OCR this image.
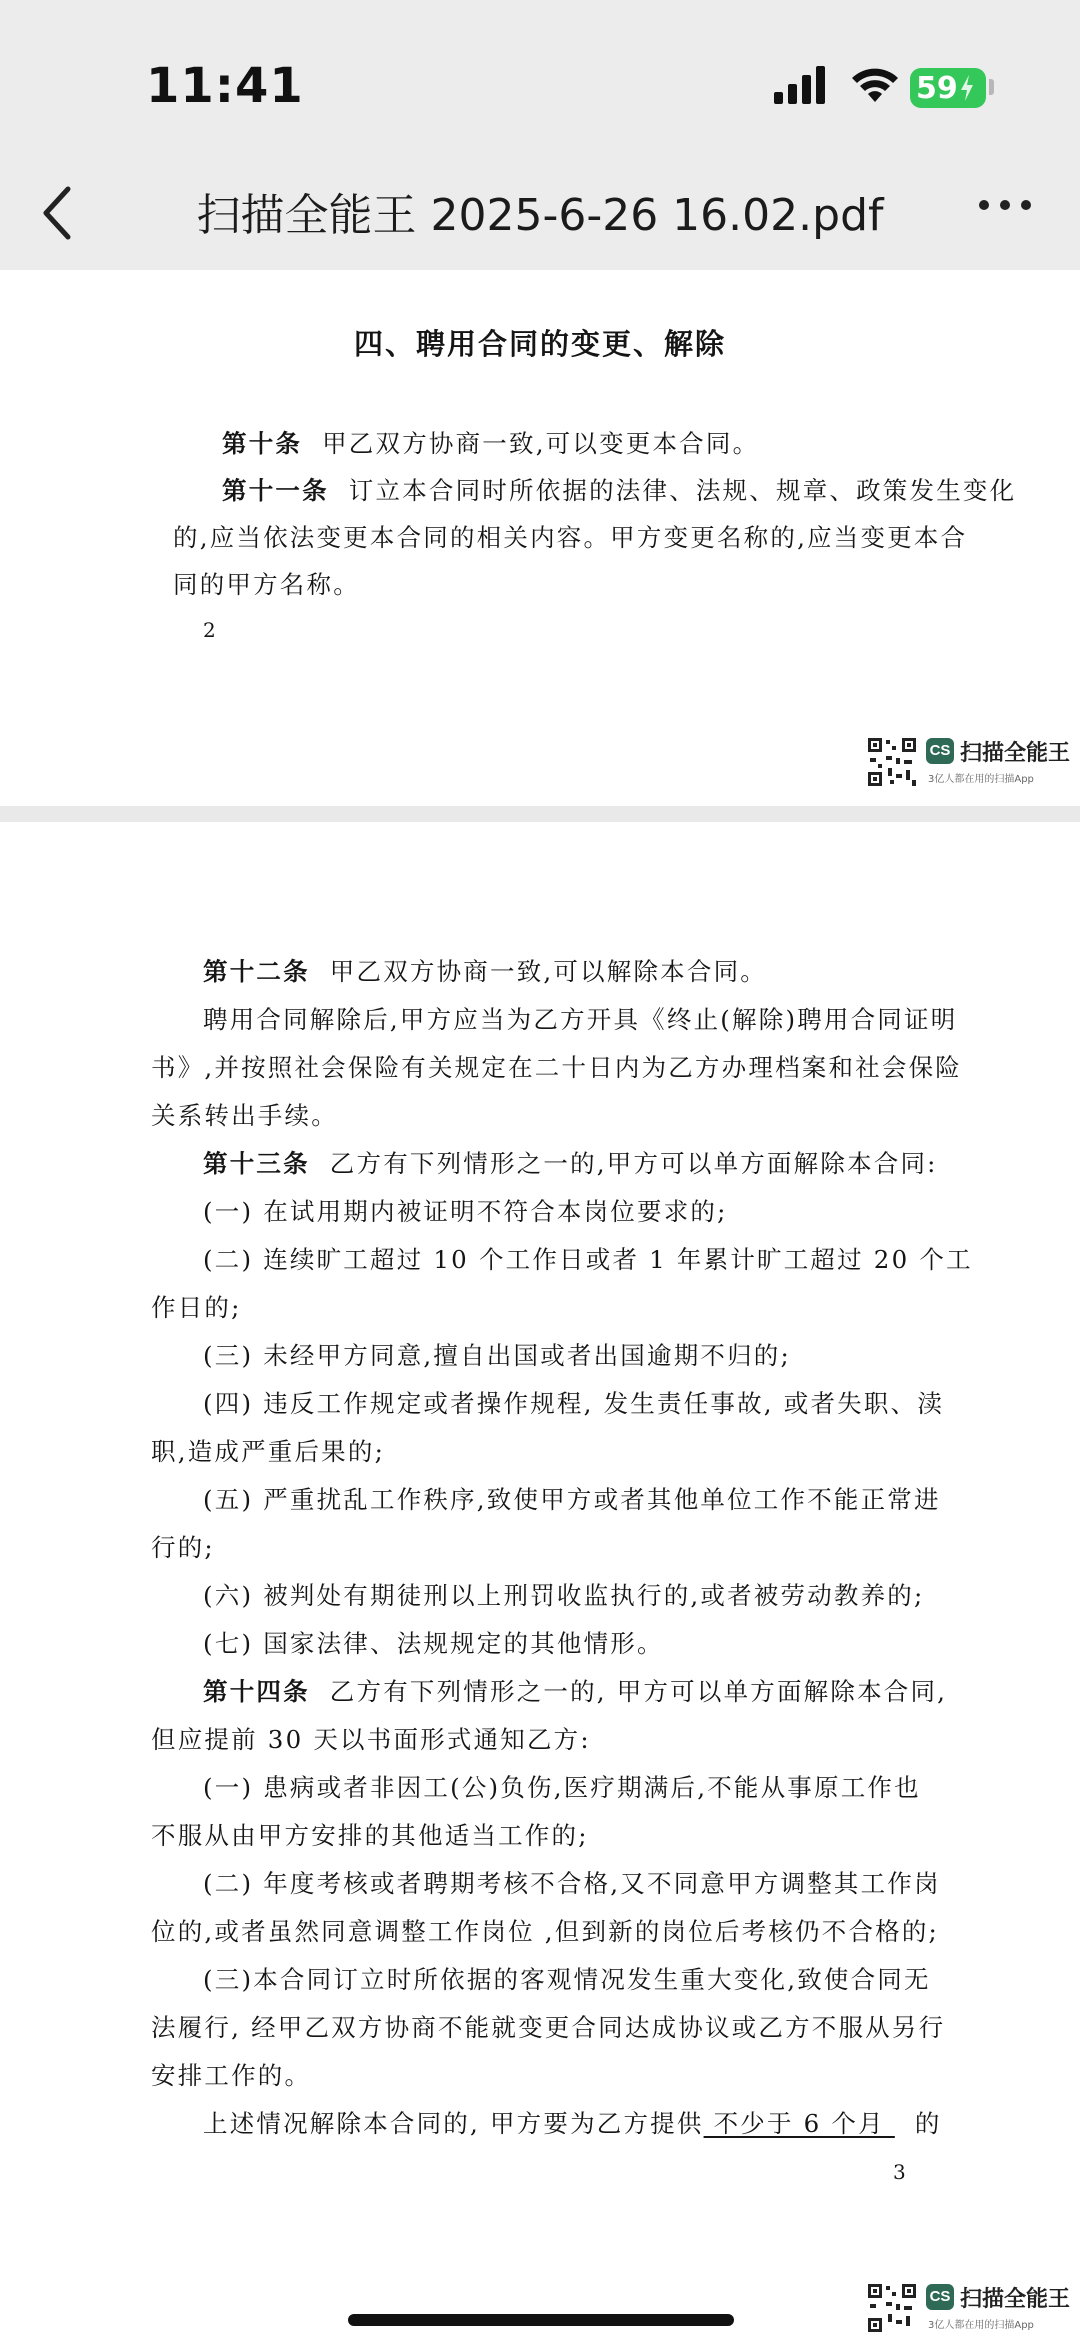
11:41	59
扫描全能王 2025-6-26 16.02.pdf
四、聘用合同的变更、解除
第十条 甲乙双方协商一致,可以变更本合同。
第十一条 订立本合同时所依据的法律、法规、规章、政策发生变化
的,应当依法变更本合同的相关内容。甲方变更名称的,应当变更本合
同的甲方名称。
2
CS 扫描全能王
3亿人都在用的扫描App
第十二条 甲乙双方协商一致,可以解除本合同。
聘用合同解除后,甲方应当为乙方开具《终止(解除)聘用合同证明
书》,并按照社会保险有关规定在二十日内为乙方办理档案和社会保险
关系转出手续。
第十三条 乙方有下列情形之一的,甲方可以单方面解除本合同:
(一) 在试用期内被证明不符合本岗位要求的;
(二) 连续旷工超过 10 个工作日或者 1 年累计旷工超过 20 个工
作日的;
(三) 未经甲方同意,擅自出国或者出国逾期不归的;
(四) 违反工作规定或者操作规程, 发生责任事故, 或者失职、渎
职,造成严重后果的;
(五) 严重扰乱工作秩序,致使甲方或者其他单位工作不能正常进
行的;
(六) 被判处有期徒刑以上刑罚收监执行的,或者被劳动教养的;
(七) 国家法律、法规规定的其他情形。
第十四条 乙方有下列情形之一的, 甲方可以单方面解除本合同,
但应提前 30 天以书面形式通知乙方:
(一) 患病或者非因工(公)负伤,医疗期满后,不能从事原工作也
不服从由甲方安排的其他适当工作的;
(二) 年度考核或者聘期考核不合格,又不同意甲方调整其工作岗
位的,或者虽然同意调整工作岗位 ,但到新的岗位后考核仍不合格的;
(三)本合同订立时所依据的客观情况发生重大变化,致使合同无
法履行, 经甲乙双方协商不能就变更合同达成协议或乙方不服从另行
安排工作的。
上述情况解除本合同的, 甲方要为乙方提供 不少于 6 个月   的
3
CS 扫描全能王
3亿人都在用的扫描App
